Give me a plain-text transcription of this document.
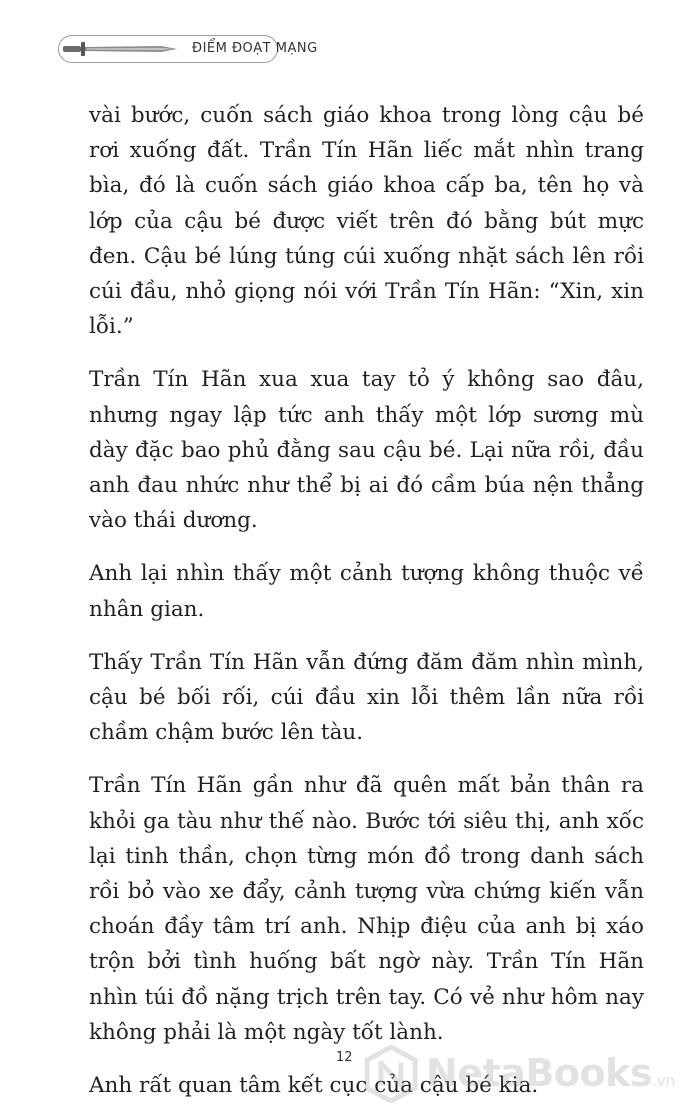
ĐIỂM ĐOẠT MẠNG

vài bước, cuốn sách giáo khoa trong lòng cậu bé rơi xuống đất. Trần Tín Hãn liếc mắt nhìn trang bìa, đó là cuốn sách giáo khoa cấp ba, tên họ và lớp của cậu bé được viết trên đó bằng bút mực đen. Cậu bé lúng túng cúi xuống nhặt sách lên rồi cúi đầu, nhỏ giọng nói với Trần Tín Hãn: “Xin, xin lỗi.”

Trần Tín Hãn xua xua tay tỏ ý không sao đâu, nhưng ngay lập tức anh thấy một lớp sương mù dày đặc bao phủ đằng sau cậu bé. Lại nữa rồi, đầu anh đau nhức như thể bị ai đó cầm búa nện thẳng vào thái dương.

Anh lại nhìn thấy một cảnh tượng không thuộc về nhân gian.

Thấy Trần Tín Hãn vẫn đứng đăm đăm nhìn mình, cậu bé bối rối, cúi đầu xin lỗi thêm lần nữa rồi chầm chậm bước lên tàu.

Trần Tín Hãn gần như đã quên mất bản thân ra khỏi ga tàu như thế nào. Bước tới siêu thị, anh xốc lại tinh thần, chọn từng món đồ trong danh sách rồi bỏ vào xe đẩy, cảnh tượng vừa chứng kiến vẫn choán đầy tâm trí anh. Nhịp điệu của anh bị xáo trộn bởi tình huống bất ngờ này. Trần Tín Hãn nhìn túi đồ nặng trịch trên tay. Có vẻ như hôm nay không phải là một ngày tốt lành.

Anh rất quan tâm kết cục của cậu bé kia.

12 NetaBooks.vn
